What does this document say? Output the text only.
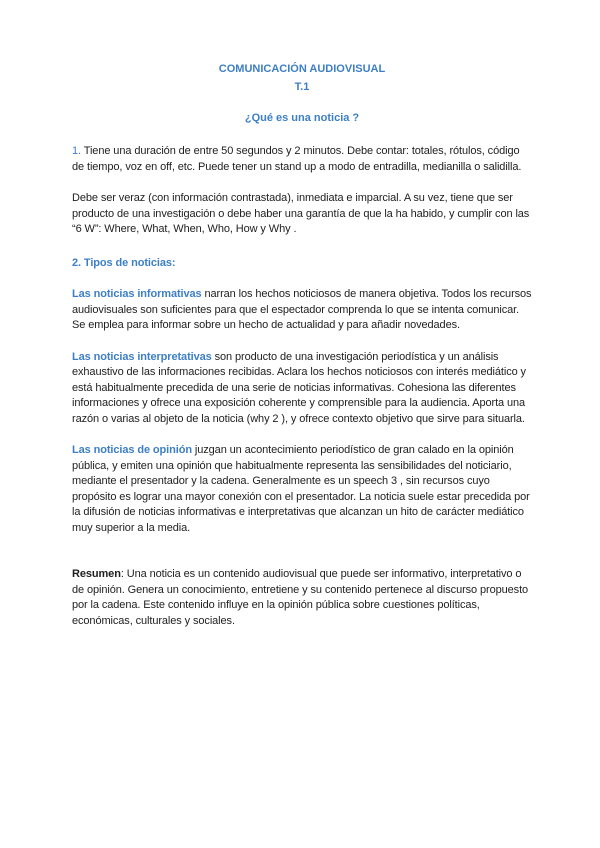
COMUNICACIÓN AUDIOVISUAL
T.1
¿Qué es una noticia ?

1. Tiene una duración de entre 50 segundos y 2 minutos. Debe contar: totales, rótulos, código de tiempo, voz en off, etc. Puede tener un stand up a modo de entradilla, medianilla o salidilla.

Debe ser veraz (con información contrastada), inmediata e imparcial. A su vez, tiene que ser producto de una investigación o debe haber una garantía de que la ha habido, y cumplir con las “6 W”: Where, What, When, Who, How y Why .

2. Tipos de noticias:

Las noticias informativas narran los hechos noticiosos de manera objetiva. Todos los recursos audiovisuales son suficientes para que el espectador comprenda lo que se intenta comunicar. Se emplea para informar sobre un hecho de actualidad y para añadir novedades.

Las noticias interpretativas son producto de una investigación periodística y un análisis exhaustivo de las informaciones recibidas. Aclara los hechos noticiosos con interés mediático y está habitualmente precedida de una serie de noticias informativas. Cohesiona las diferentes informaciones y ofrece una exposición coherente y comprensible para la audiencia. Aporta una razón o varias al objeto de la noticia (why 2 ), y ofrece contexto objetivo que sirve para situarla.

Las noticias de opinión juzgan un acontecimiento periodístico de gran calado en la opinión pública, y emiten una opinión que habitualmente representa las sensibilidades del noticiario, mediante el presentador y la cadena. Generalmente es un speech 3 , sin recursos cuyo propósito es lograr una mayor conexión con el presentador. La noticia suele estar precedida por la difusión de noticias informativas e interpretativas que alcanzan un hito de carácter mediático muy superior a la media.

Resumen: Una noticia es un contenido audiovisual que puede ser informativo, interpretativo o de opinión. Genera un conocimiento, entretiene y su contenido pertenece al discurso propuesto por la cadena. Este contenido influye en la opinión pública sobre cuestiones políticas, económicas, culturales y sociales.
